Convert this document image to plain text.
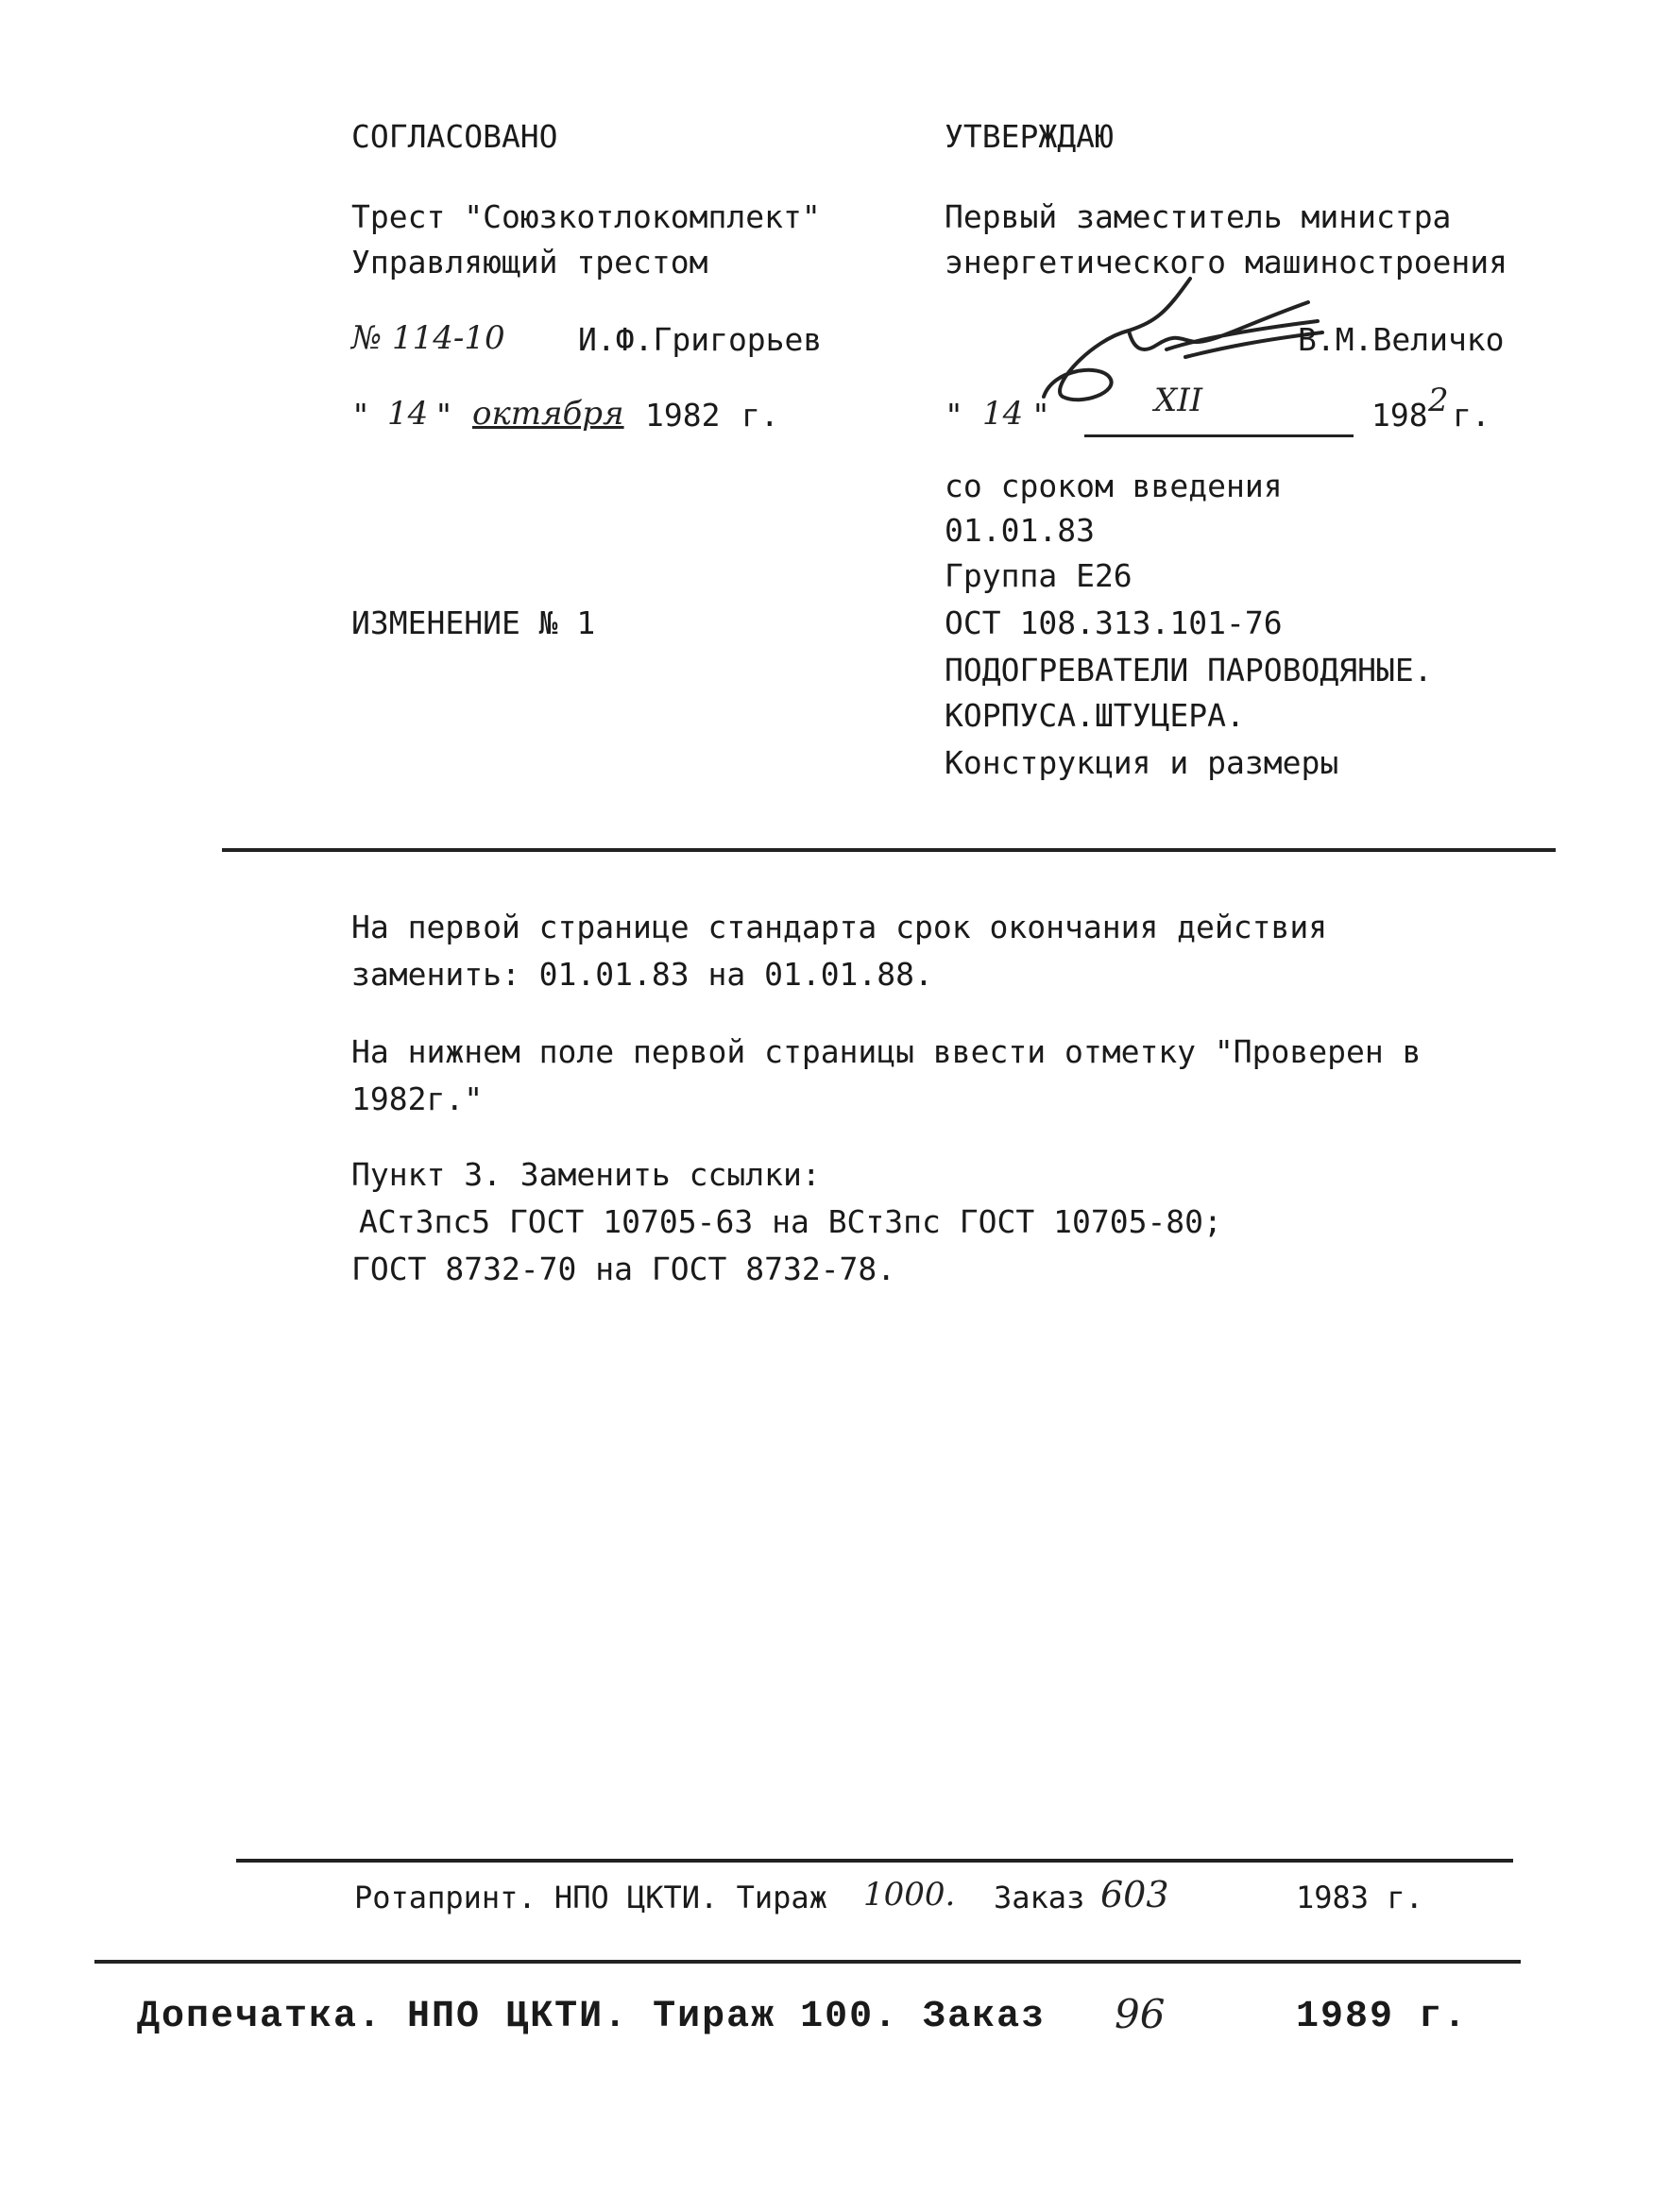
СОГЛАСОВАНО
Трест "Союзкотлокомплект"
Управляющий трестом
№ 114-10 И.Ф.Григорьев
" 14 " октября 1982 г.
УТВЕРЖДАЮ
Первый заместитель министра
энергетического машиностроения
В.М.Величко
" 14 "	XII	198 2 г.
со сроком введения
01.01.83
Группа Е26
ИЗМЕНЕНИЕ № 1	ОСТ 108.313.101-76
ПОДОГРЕВАТЕЛИ ПАРОВОДЯНЫЕ.
КОРПУСА.ШТУЦЕРА.
Конструкция и размеры
На первой странице стандарта срок окончания действия
заменить: 01.01.83 на 01.01.88.
На нижнем поле первой страницы ввести отметку "Проверен в
1982г."
Пункт 3. Заменить ссылки:
АСт3пс5 ГОСТ 10705-63 на ВСт3пс ГОСТ 10705-80;
ГОСТ 8732-70 на ГОСТ 8732-78.
Ротапринт. НПО ЦКТИ. Тираж 1000. Заказ 603	1983 г.
Допечатка. НПО ЦКТИ. Тираж 100. Заказ 96	1989 г.
